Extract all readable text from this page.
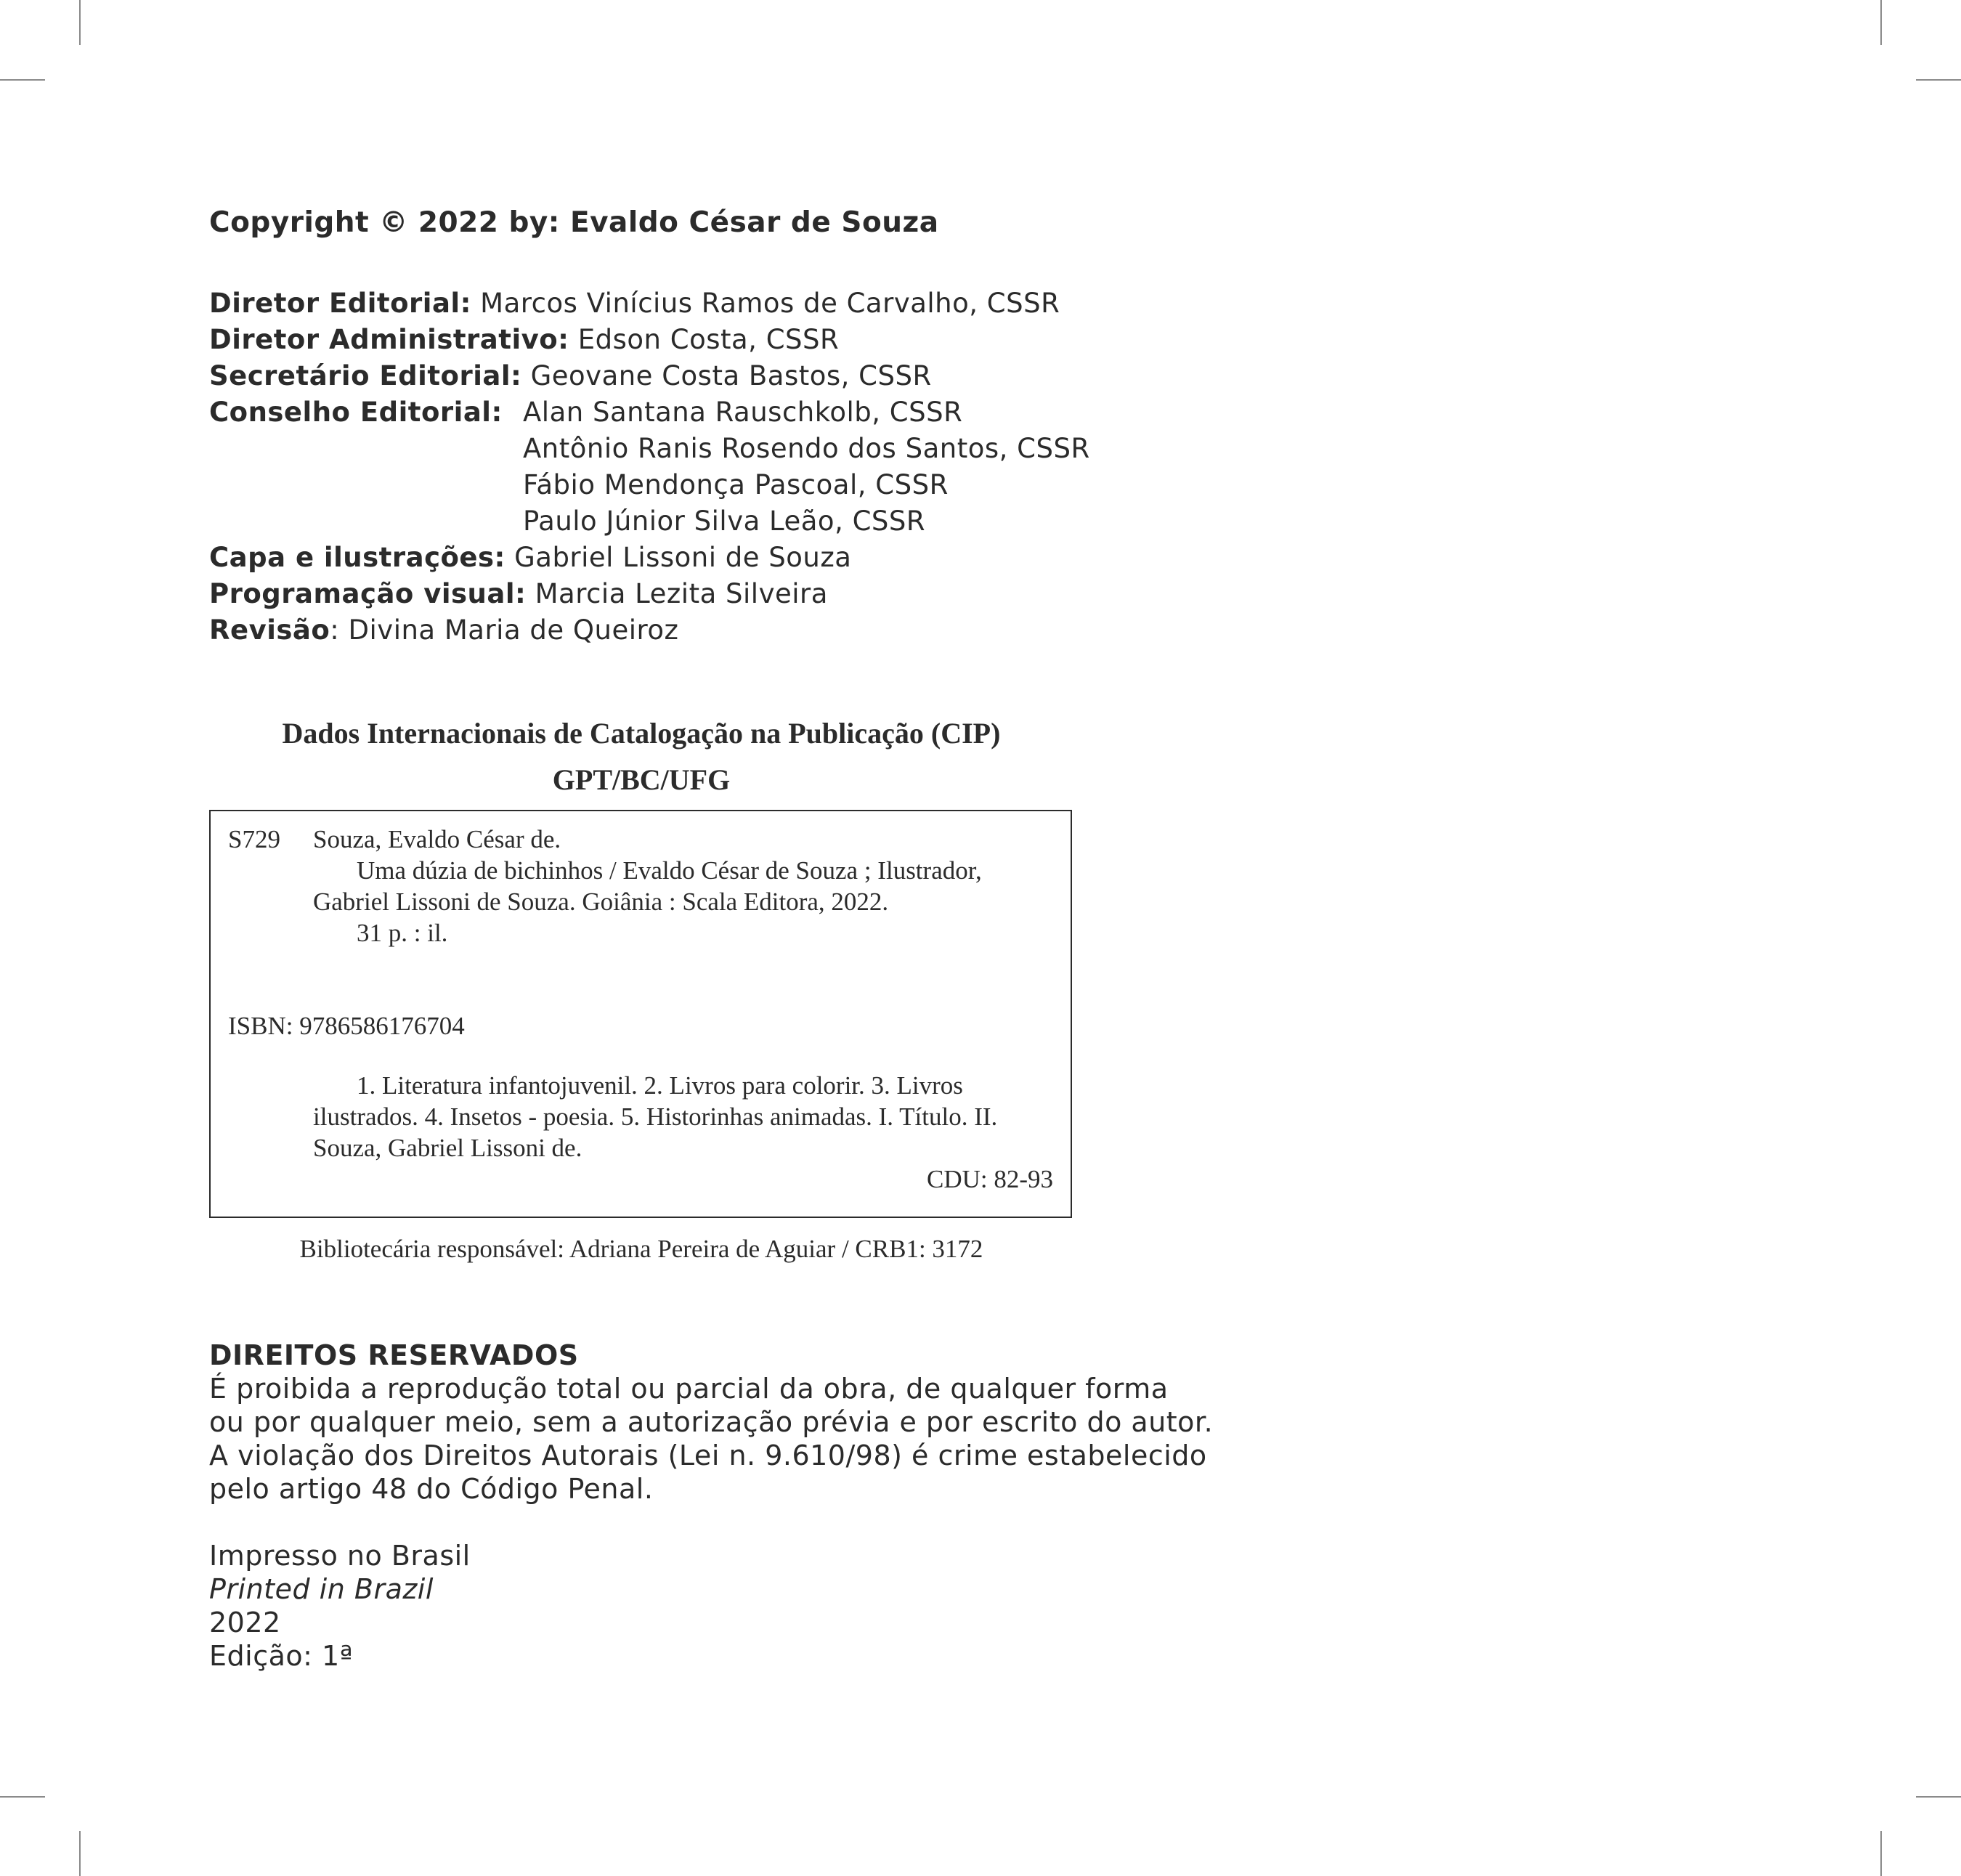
Copyright © 2022 by: Evaldo César de Souza
Diretor Editorial: Marcos Vinícius Ramos de Carvalho, CSSR
Diretor Administrativo: Edson Costa, CSSR
Secretário Editorial: Geovane Costa Bastos, CSSR
Conselho Editorial: Alan Santana Rauschkolb, CSSR
Antônio Ranis Rosendo dos Santos, CSSR
Fábio Mendonça Pascoal, CSSR
Paulo Júnior Silva Leão, CSSR
Capa e ilustrações: Gabriel Lissoni de Souza
Programação visual: Marcia Lezita Silveira
Revisão: Divina Maria de Queiroz
Dados Internacionais de Catalogação na Publicação (CIP)
GPT/BC/UFG
S729 Souza, Evaldo César de.
Uma dúzia de bichinhos / Evaldo César de Souza ; Ilustrador,
Gabriel Lissoni de Souza. Goiânia : Scala Editora, 2022.
31 p. : il.
ISBN: 9786586176704
1. Literatura infantojuvenil. 2. Livros para colorir. 3. Livros
ilustrados. 4. Insetos - poesia. 5. Historinhas animadas. I. Título. II.
Souza, Gabriel Lissoni de.
CDU: 82-93
Bibliotecária responsável: Adriana Pereira de Aguiar / CRB1: 3172
DIREITOS RESERVADOS
É proibida a reprodução total ou parcial da obra, de qualquer forma
ou por qualquer meio, sem a autorização prévia e por escrito do autor.
A violação dos Direitos Autorais (Lei n. 9.610/98) é crime estabelecido
pelo artigo 48 do Código Penal.
Impresso no Brasil
Printed in Brazil
2022
Edição: 1ª
